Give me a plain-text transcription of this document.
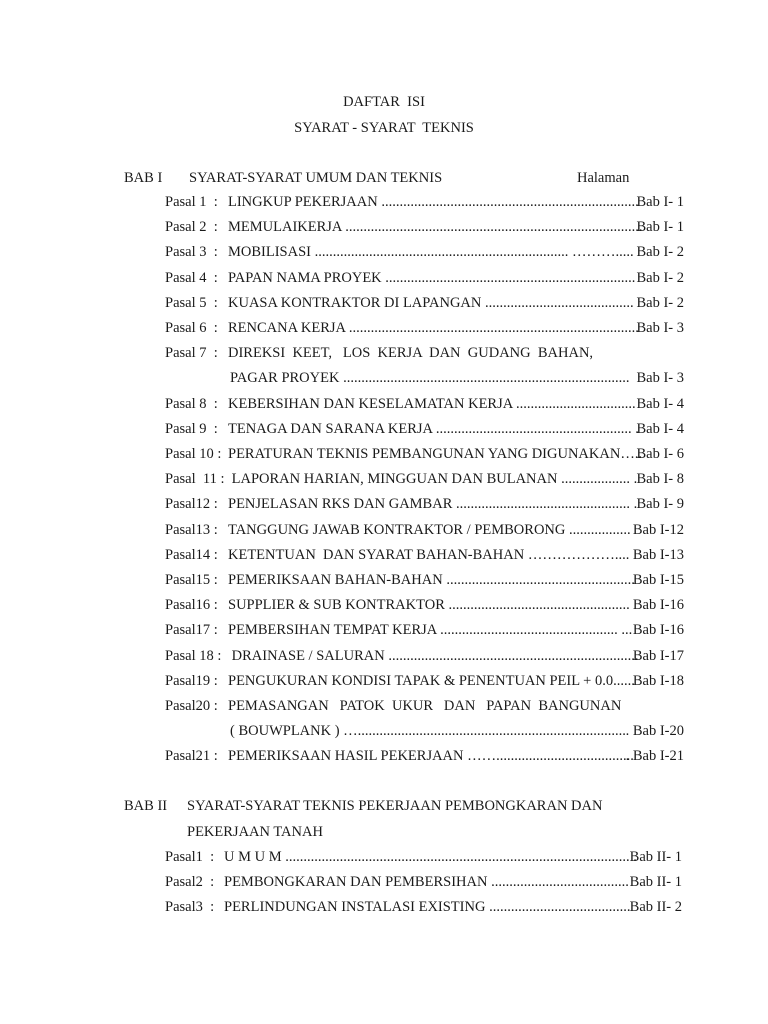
DAFTAR  ISI
SYARAT - SYARAT  TEKNIS
BAB I SYARAT-SYARAT UMUM DAN TEKNIS	Halaman
Pasal 1  : LINGKUP PEKERJAAN .......................................................................
Bab I- 1
Pasal 2  : MEMULAIKERJA ..................................................................................
Bab I- 1
Pasal 3  : MOBILISASI ...................................................................... ………..... Bab I- 2
Pasal 4  : PAPAN NAMA PROYEK ..................................................................... Bab I- 2
Pasal 5  : KUASA KONTRAKTOR DI LAPANGAN ......................................... Bab I- 2
Pasal 6  : RENCANA KERJA ................................................................................
Bab I- 3
Pasal 7  : DIREKSI  KEET,   LOS  KERJA  DAN  GUDANG  BAHAN,
PAGAR PROYEK ............................................................................... Bab I- 3
Pasal 8  : KEBERSIHAN DAN KESELAMATAN KERJA ................................. Bab I- 4
Pasal 9  : TENAGA DAN SARANA KERJA ...................................................... .
Bab I- 4
Pasal 10 : PERATURAN TEKNIS PEMBANGUNAN YANG DIGUNAKAN…..
Bab I- 6
Pasal  11 : LAPORAN HARIAN, MINGGUAN DAN BULANAN ................... . Bab I- 8
Pasal12 : PENJELASAN RKS DAN GAMBAR ................................................ . Bab I- 9
Pasal13 : TANGGUNG JAWAB KONTRAKTOR / PEMBORONG ................. Bab I-12
Pasal14 : KETENTUAN  DAN SYARAT BAHAN-BAHAN ……………….... Bab I-13
Pasal15 : PEMERIKSAAN BAHAN-BAHAN ....................................................
Bab I-15
Pasal16 : SUPPLIER & SUB KONTRAKTOR .................................................. Bab I-16
Pasal17 : PEMBERSIHAN TEMPAT KERJA ................................................. ... Bab I-16
Pasal 18 : DRAINASE / SALURAN .....................................................................
Bab I-17
Pasal19 : PENGUKURAN KONDISI TAPAK & PENENTUAN PEIL + 0.0......
Bab I-18
Pasal20 : PEMASANGAN   PATOK  UKUR   DAN   PAPAN  BANGUNAN
( BOUWPLANK ) ….......................................................................... . Bab I-20
Pasal21 : PEMERIKSAAN HASIL PEKERJAAN ……......................................
. Bab I-21
BAB II SYARAT-SYARAT TEKNIS PEKERJAAN PEMBONGKARAN DAN
PEKERJAAN TANAH
Pasal1  : U M U M ............................................................................................... .
Bab II- 1
Pasal2  : PEMBONGKARAN DAN PEMBERSIHAN ...................................... Bab II- 1
Pasal3  : PERLINDUNGAN INSTALASI EXISTING ....................................... Bab II- 2
